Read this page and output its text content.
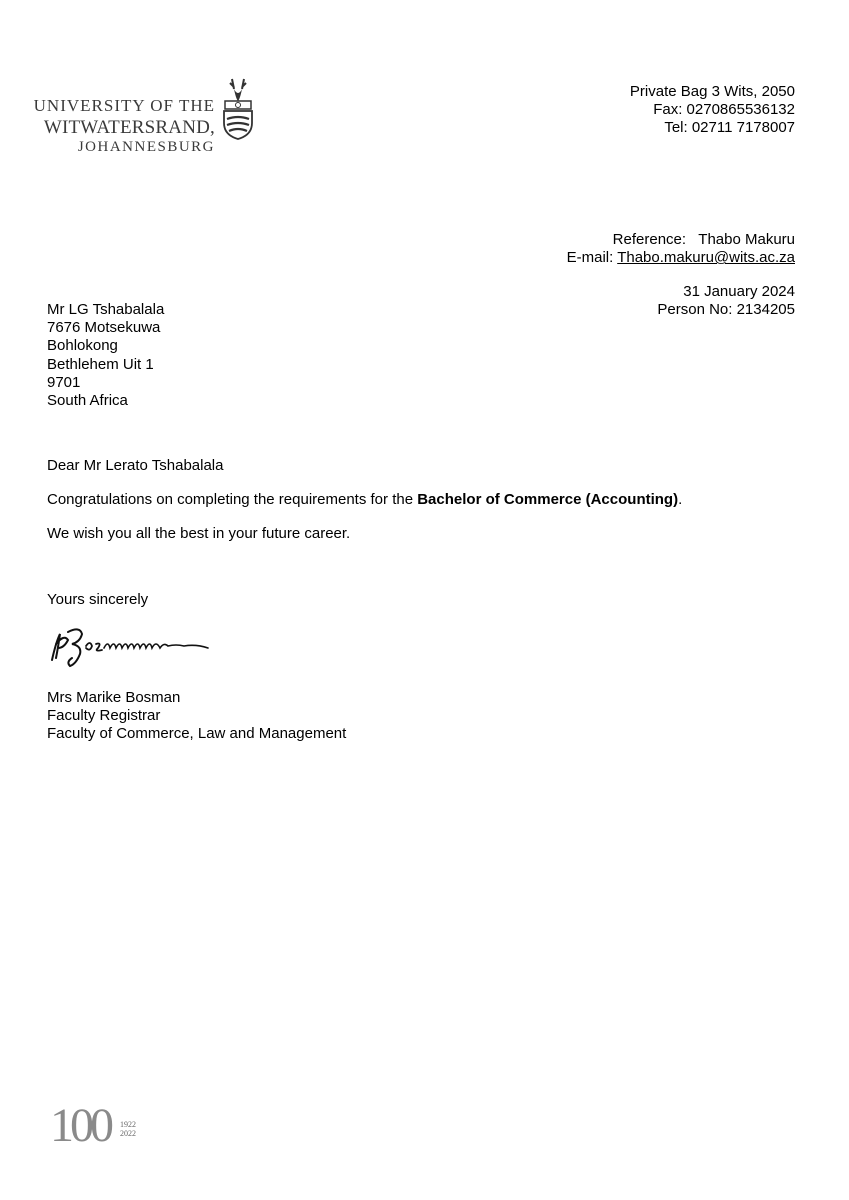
UNIVERSITY OF THE
WITWATERSRAND,
JOHANNESBURG
Private Bag 3 Wits, 2050
Fax: 0270865536132
Tel: 02711 7178007
Reference: Thabo Makuru
E-mail: Thabo.makuru@wits.ac.za
31 January 2024
Person No: 2134205
Mr LG Tshabalala
7676 Motsekuwa
Bohlokong
Bethlehem Uit 1
9701
South Africa
Dear Mr Lerato Tshabalala
Congratulations on completing the requirements for the Bachelor of Commerce (Accounting).
We wish you all the best in your future career.
Yours sincerely
Mrs Marike Bosman
Faculty Registrar
Faculty of Commerce, Law and Management
100 1922
2022
